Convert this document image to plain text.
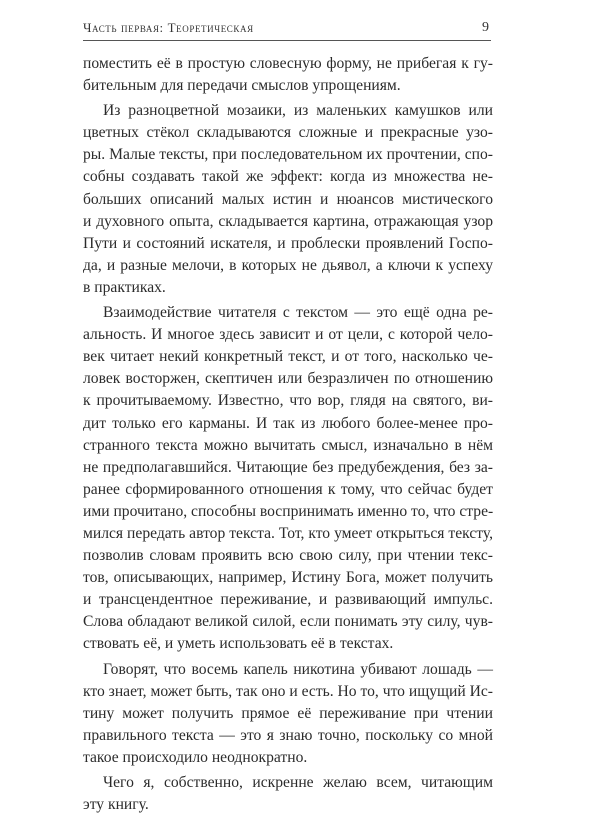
Часть первая: Теоретическая	9
поместить её в простую словесную форму, не прибегая к гу-
бительным для передачи смыслов упрощениям.
Из разноцветной мозаики, из маленьких камушков или
цветных стёкол складываются сложные и прекрасные узо-
ры. Малые тексты, при последовательном их прочтении, спо-
собны создавать такой же эффект: когда из множества не-
больших описаний малых истин и нюансов мистического
и духовного опыта, складывается картина, отражающая узор
Пути и состояний искателя, и проблески проявлений Госпо-
да, и разные мелочи, в которых не дьявол, а ключи к успеху
в практиках.
Взаимодействие читателя с текстом — это ещё одна ре-
альность. И многое здесь зависит и от цели, с которой чело-
век читает некий конкретный текст, и от того, насколько че-
ловек восторжен, скептичен или безразличен по отношению
к прочитываемому. Известно, что вор, глядя на святого, ви-
дит только его карманы. И так из любого более-менее про-
странного текста можно вычитать смысл, изначально в нём
не предполагавшийся. Читающие без предубеждения, без за-
ранее сформированного отношения к тому, что сейчас будет
ими прочитано, способны воспринимать именно то, что стре-
мился передать автор текста. Тот, кто умеет открыться тексту,
позволив словам проявить всю свою силу, при чтении текс-
тов, описывающих, например, Истину Бога, может получить
и трансцендентное переживание, и развивающий импульс.
Слова обладают великой силой, если понимать эту силу, чув-
ствовать её, и уметь использовать её в текстах.
Говорят, что восемь капель никотина убивают лошадь —
кто знает, может быть, так оно и есть. Но то, что ищущий Ис-
тину может получить прямое её переживание при чтении
правильного текста — это я знаю точно, поскольку со мной
такое происходило неоднократно.
Чего я, собственно, искренне желаю всем, читающим
эту книгу.
